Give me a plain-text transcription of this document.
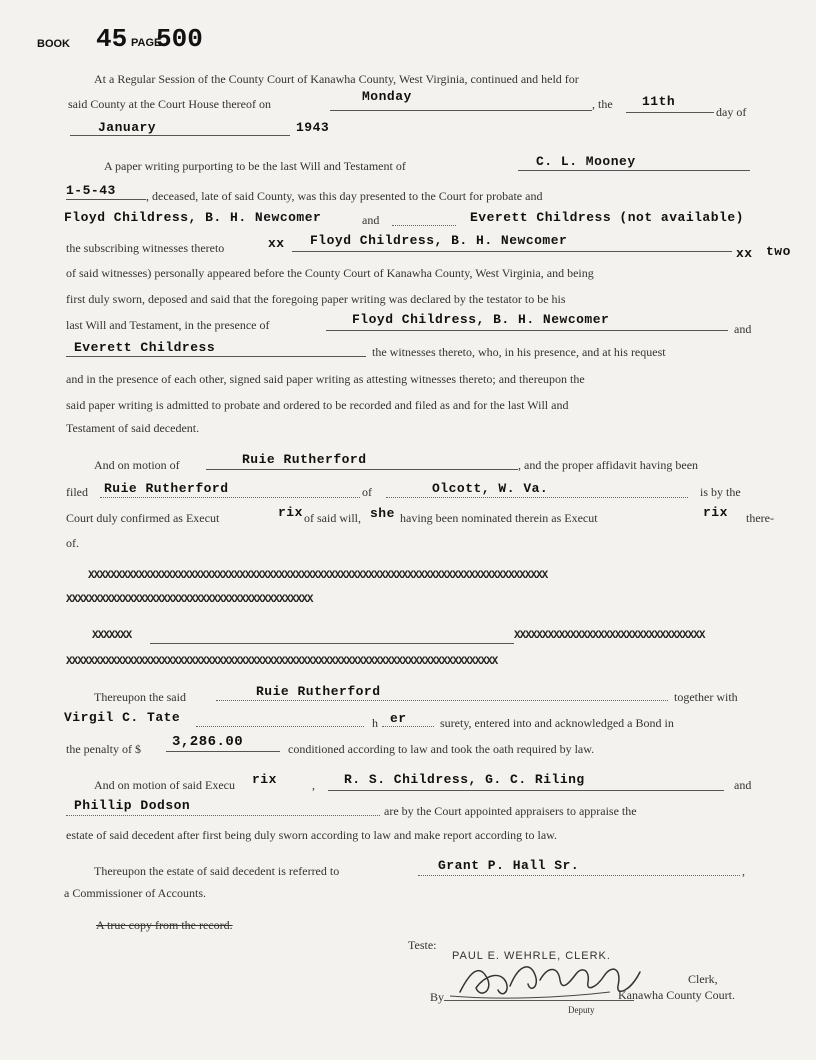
BOOK 45 PAGE
500
At a Regular Session of the County Court of Kanawha County, West Virginia, continued and held for
said County at the Court House thereof on	Monday	, the 11th
day of
January	1943
A paper writing purporting to be the last Will and Testament of	C. L. Mooney
1-5-43	, deceased, late of said County, was this day presented to the Court for probate and
Floyd Childress, B. H. Newcomer	and	Everett Childress (not available)
the subscribing witnesses thereto	xx Floyd Childress, B. H. Newcomer
xx two
of said witnesses) personally appeared before the County Court of Kanawha County, West Virginia, and being
first duly sworn, deposed and said that the foregoing paper writing was declared by the testator to be his
last Will and Testament, in the presence of	Floyd Childress, B. H. Newcomer
and
Everett Childress	the witnesses thereto, who, in his presence, and at his request
and in the presence of each other, signed said paper writing as attesting witnesses thereto; and thereupon the
said paper writing is admitted to probate and ordered to be recorded and filed as and for the last Will and
Testament of said decedent.
And on motion of	Ruie Rutherford	, and the proper affidavit having been
filed Ruie Rutherford	of	Olcott, W. Va.	is by the
Court duly confirmed as Execut	rix of said will, she having been nominated therein as Execut	rix there-
of.
XXXXXXXXXXXXXXXXXXXXXXXXXXXXXXXXXXXXXXXXXXXXXXXXXXXXXXXXXXXXXXXXXXXXXXXXXXXXXXXXXX
XXXXXXXXXXXXXXXXXXXXXXXXXXXXXXXXXXXXXXXXXXXX
XXXXXXX	XXXXXXXXXXXXXXXXXXXXXXXXXXXXXXXXXX
XXXXXXXXXXXXXXXXXXXXXXXXXXXXXXXXXXXXXXXXXXXXXXXXXXXXXXXXXXXXXXXXXXXXXXXXXXXXX
Thereupon the said	Ruie Rutherford	together with
Virgil C. Tate	h er	surety, entered into and acknowledged a Bond in
the penalty of $ 3,286.00	conditioned according to law and took the oath required by law.
And on motion of said Execu rix	, R. S. Childress, G. C. Riling	and
Phillip Dodson	are by the Court appointed appraisers to appraise the
estate of said decedent after first being duly sworn according to law and make report according to law.
Thereupon the estate of said decedent is referred to	Grant P. Hall Sr.	,
a Commissioner of Accounts.
A true copy from the record.
Teste:
PAUL E. WEHRLE, CLERK.
Clerk,
By	Kanawha County Court.
Deputy
